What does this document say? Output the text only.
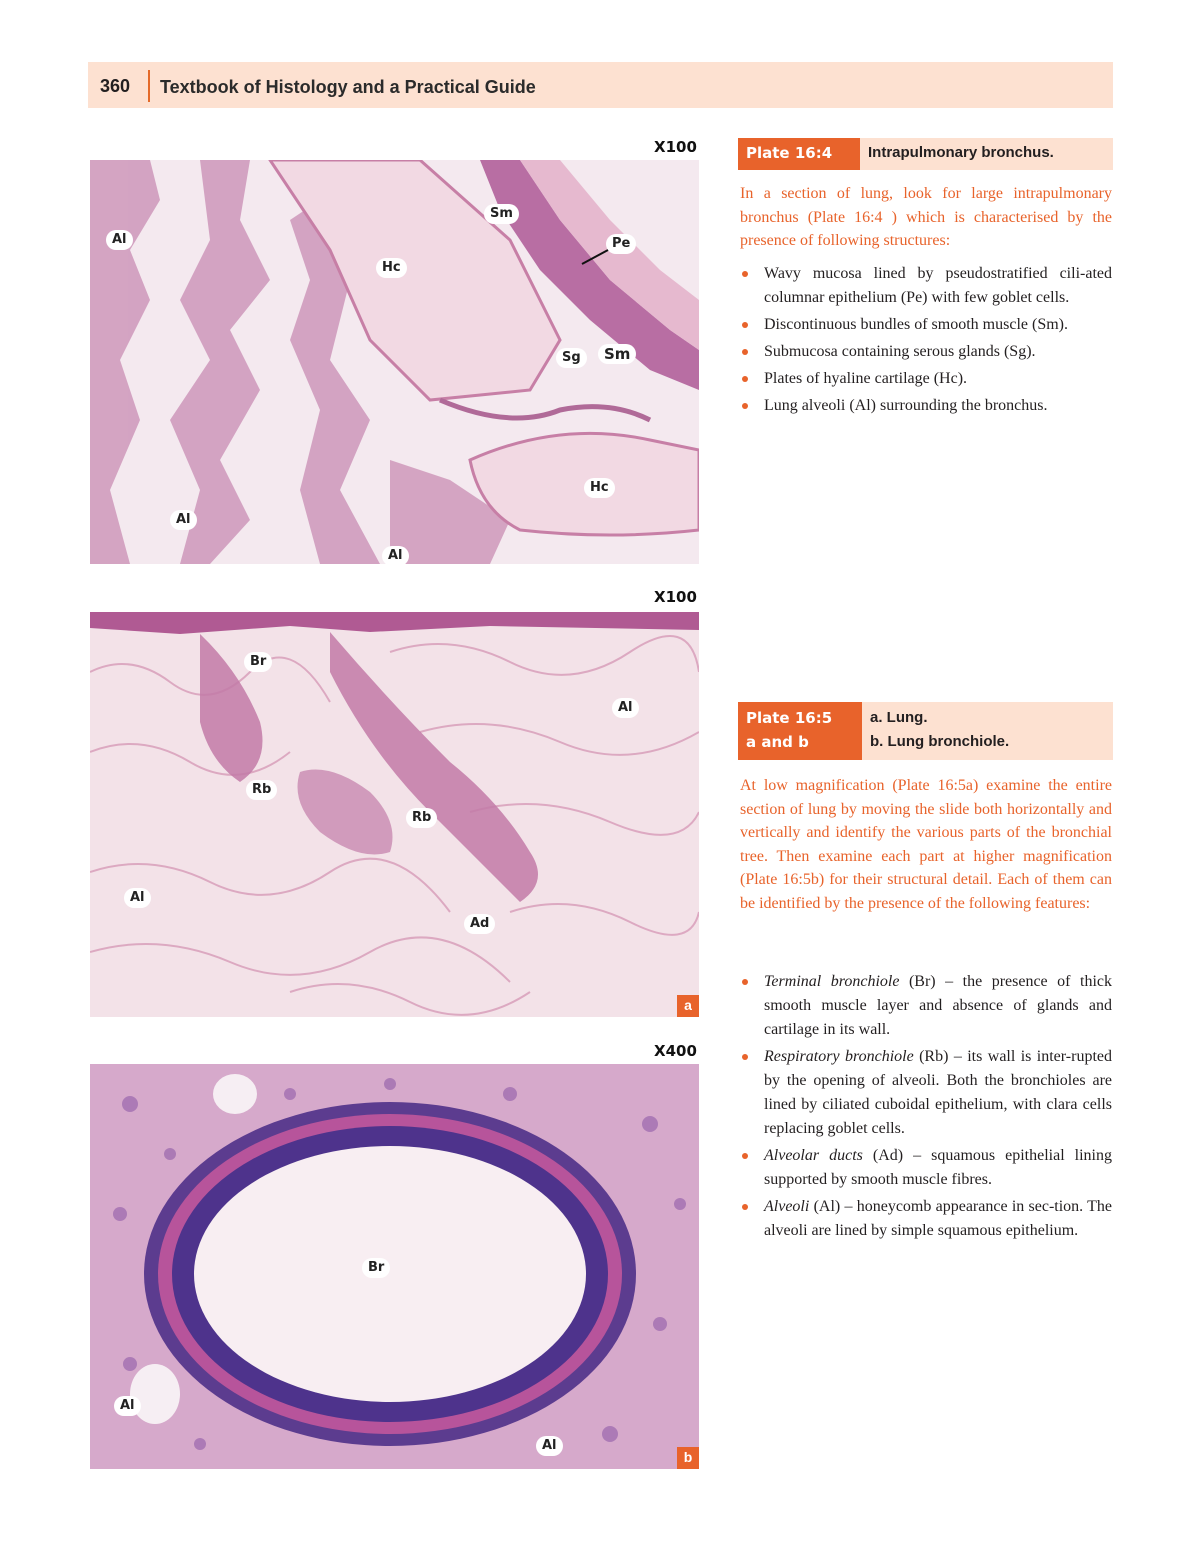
360 Textbook of Histology and a Practical Guide
X100
Al
Al
Al
Hc
Hc
Sm
Sm
Pe
Sg
X100
Br
Al
Rb
Rb
Al
Ad
a
X400
Br
Al
Al
b
Plate 16:4	Intrapulmonary bronchus.

In a section of lung, look for large intrapulmonary bronchus (Plate 16:4 ) which is characterised by the presence of following structures:

Wavy mucosa lined by pseudostratified cili-ated columnar epithelium (Pe) with few goblet cells.
Discontinuous bundles of smooth muscle (Sm).
Submucosa containing serous glands (Sg).
Plates of hyaline cartilage (Hc).
Lung alveoli (Al) surrounding the bronchus.
Plate 16:5
a and b
a. Lung.
b. Lung bronchiole.

At low magnification (Plate 16:5a) examine the entire section of lung by moving the slide both horizontally and vertically and identify the various parts of the bronchial tree. Then examine each part at higher magnification (Plate 16:5b) for their structural detail. Each of them can be identified by the presence of the following features:

Terminal bronchiole (Br) – the presence of thick smooth muscle layer and absence of glands and cartilage in its wall.
Respiratory bronchiole (Rb) – its wall is inter-rupted by the opening of alveoli. Both the bronchioles are lined by ciliated cuboidal epithelium, with clara cells replacing goblet cells.
Alveolar ducts (Ad) – squamous epithelial lining supported by smooth muscle fibres.
Alveoli (Al) – honeycomb appearance in sec-tion. The alveoli are lined by simple squamous epithelium.
